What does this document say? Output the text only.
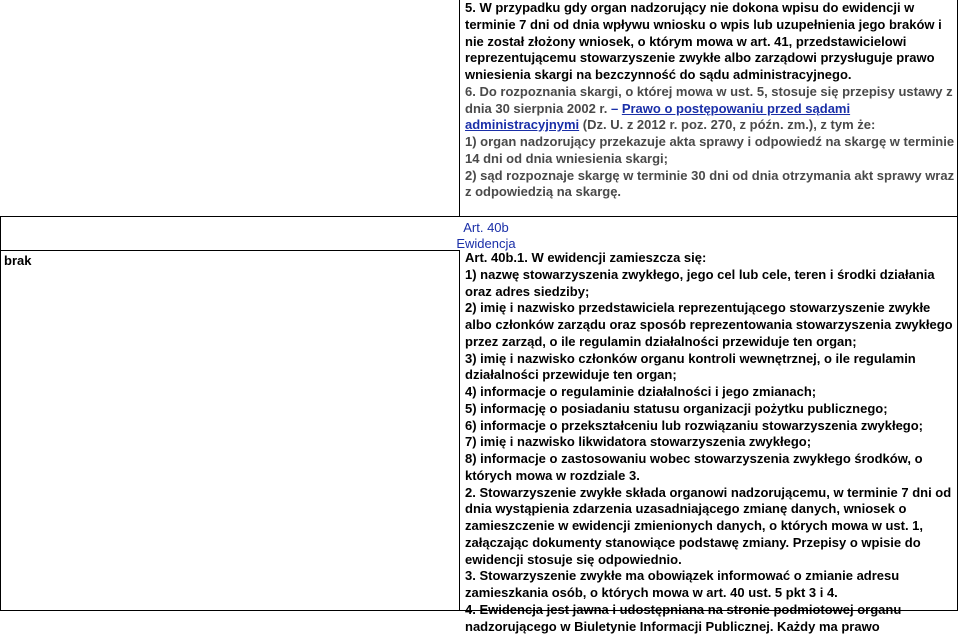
brak

5. W przypadku gdy organ nadzorujący nie dokona wpisu do ewidencji w terminie 7 dni od dnia wpływu wniosku o wpis lub uzupełnienia jego braków i nie został złożony wniosek, o którym mowa w art. 41, przedstawicielowi reprezentującemu stowarzyszenie zwykłe albo zarządowi przysługuje prawo wniesienia skargi na bezczynność do sądu administracyjnego.

6. Do rozpoznania skargi, o której mowa w ust. 5, stosuje się przepisy ustawy z dnia 30 sierpnia 2002 r. – Prawo o postępowaniu przed sądami administracyjnymi (Dz. U. z 2012 r. poz. 270, z późn. zm.), z tym że:

1) organ nadzorujący przekazuje akta sprawy i odpowiedź na skargę w terminie 14 dni od dnia wniesienia skargi;

2) sąd rozpoznaje skargę w terminie 30 dni od dnia otrzymania akt sprawy wraz z odpowiedzią na skargę.

Art. 40b
Ewidencja

Art. 40b.1. W ewidencji zamieszcza się:

1) nazwę stowarzyszenia zwykłego, jego cel lub cele, teren i środki działania oraz adres siedziby;

2) imię i nazwisko przedstawiciela reprezentującego stowarzyszenie zwykłe albo członków zarządu oraz sposób reprezentowania stowarzyszenia zwykłego przez zarząd, o ile regulamin działalności przewiduje ten organ;

3) imię i nazwisko członków organu kontroli wewnętrznej, o ile regulamin działalności przewiduje ten organ;

4) informacje o regulaminie działalności i jego zmianach;

5) informację o posiadaniu statusu organizacji pożytku publicznego;

6) informacje o przekształceniu lub rozwiązaniu stowarzyszenia zwykłego;

7) imię i nazwisko likwidatora stowarzyszenia zwykłego;

8) informacje o zastosowaniu wobec stowarzyszenia zwykłego środków, o których mowa w rozdziale 3.

2. Stowarzyszenie zwykłe składa organowi nadzorującemu, w terminie 7 dni od dnia wystąpienia zdarzenia uzasadniającego zmianę danych, wniosek o zamieszczenie w ewidencji zmienionych danych, o których mowa w ust. 1, załączając dokumenty stanowiące podstawę zmiany. Przepisy o wpisie do ewidencji stosuje się odpowiednio.

3. Stowarzyszenie zwykłe ma obowiązek informować o zmianie adresu zamieszkania osób, o których mowa w art. 40 ust. 5 pkt 3 i 4.

4. Ewidencja jest jawna i udostępniana na stronie podmiotowej organu nadzorującego w Biuletynie Informacji Publicznej. Każdy ma prawo
